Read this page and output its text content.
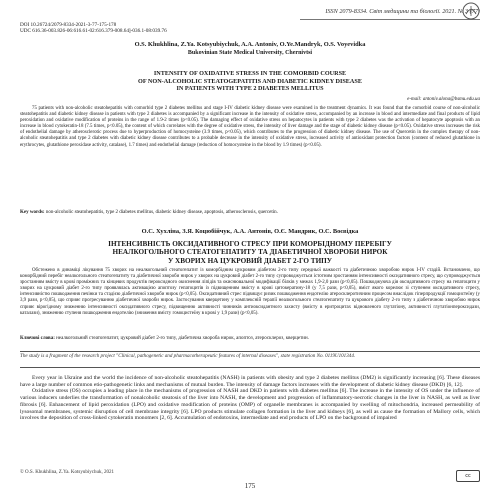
ISSN 2079-8334. Світ медицини та біології. 2021. № 3 (77)
DOI 10.26724/2079-8334-2021-3-77-175-178
UDC 616.36-003.826-06:616.61-02:616.379-008.64]-036.1-08:039.76
O.S. Khukhlina, Z.Ya. Kotsyubiychuk, A.A. Antoniv, O.Ye.Mandryk, O.S. Voyevidka
Bukovinian State Medical University, Chernivtsi
INTENSITY OF OXIDATIVE STRESS IN THE COMORBID COURSE
OF NON-ALCOHOLIC STEATOGEPATITIS AND DIABETIC KIDNEY DISEASE
IN PATIENTS WITH TYPE 2 DIABETES MELLITUS
e-mail: antoniv.alona@bsmu.edu.ua

75 patients with non-alcoholic steatohepatitis with comorbid type 2 diabetes mellitus and stage I-IV diabetic kidney disease were examined in the treatment dynamics. It was found that the comorbid course of non-alcoholic steatohepatitis and diabetic kidney disease in patients with type 2 diabetes is accompanied by a significant increase in the intensity of oxidative stress, accompanied by an increase in blood and intermediate and final products of lipid peroxidation and oxidative modification of proteins in the range of 1.9-2 times (p<0.05). The damaging effect of oxidative stress on hepatocytes in patients with type 2 diabetes was the activation of hepatocyte apoptosis with an increase in blood cytokeratin-18 (7.5 times, p<0.05), the content of which correlates with the degree of oxidative stress, the intensity of liver damage and the stage of diabetic kidney disease (p<0.05). Oxidative stress increases the risk of endothelial damage by atherosclerotic process due to hyperproduction of homocysteine (3.9 times, p<0.05), which contributes to the progression of diabetic kidney disease. The use of Quercetin in the complex therapy of non-alcoholic steatohepatitis and type 2 diabetes with diabetic kidney disease contributes to a probable decrease in the intensity of oxidative stress, increased activity of antioxidant protection factors (content of reduced glutathione in erythrocytes, glutathione peroxidase activity, catalase), 1.7 times) and endothelial damage (reduction of homocysteine in the blood by 1.9 times) (p<0.05).

Key words: non-alcoholic steatohepatitis, type 2 diabetes mellitus, diabetic kidney disease, apoptosis, atherosclerosis, quercetin.
О.С. Хухліна, З.Я. Коцюбійчук, А.А. Антонів, О.Є. Мандрик, О.С. Воєвідка
ІНТЕНСИВНІСТЬ ОКСИДАТИВНОГО СТРЕСУ ПРИ КОМОРБІДНОМУ ПЕРЕБІГУ
НЕАЛКОГОЛЬНОГО СТЕАТОГЕПАТИТУ ТА ДІАБЕТИЧНОЇ ХВОРОБИ НИРОК
У ХВОРИХ НА ЦУКРОВИЙ ДІАБЕТ 2-ГО ТИПУ

Обстежено в динаміці лікування 75 хворих на неалкогольний стеатогепатит із коморбідним цукровим діабетом 2-го типу середньої важкості та діабетичною хворобою нирок I-IV стадій. Встановлено, що коморбідний перебіг неалкогольного стеатогепатиту та діабетичної хвороби нирок у хворих на цукровий діабет 2-го типу супроводжується істотним зростанням інтенсивності оксидативного стресу, що супроводжується зростанням вмісту в крові проміжних та кінцевих продуктів пероксидного окиснення ліпідів та окиснювальної модифікації білків у межах 1,9-2,0 рази (р<0,05). Пошкоджуюча дія оксидативного стресу на гепатоцити у хворих на цукровий діабет 2-го типу проявлялась активацією апоптозу гепатоцитів із підвищенням вмісту в крові цитокератину-18 (у 7,5 рази, р<0,05), вміст якого корелює зі ступенем оксидативного стресу, інтенсивністю пошкодження печінки та стадією діабетичної хвороби нирок (р<0,05). Оксидативний стрес підвищує ризик пошкодження ендотелію атеросклеротичним процесом внаслідок гіперпродукції гомоцистеїну (у 3,9 рази, р<0,05), що сприяє прогресуванню діабетичної хвороби нирок. Застосування кверцетину у комплексній терапії неалкогольного стеатогепатиту та цукрового діабету 2-го типу з діабетичною хворобою нирок сприяє вірогідному зниженню інтенсивності оксидативного стресу, підвищенню активності чинників антиоксидантного захисту (вмісту в еритроцитах відновленого глутатіону, активності глутатіонпероксидази, каталази), зниженню ступеня пошкодження ендотелію (зниження вмісту гомоцистеїну в крові у 1,9 рази) (р<0,05).

Ключові слова: неалкогольний стеатогепатит, цукровий діабет 2-го типу, діабетична хвороба нирок, апоптоз, атеросклероз, кверцетин.
The study is a fragment of the research project "Clinical, pathogenetic and pharmacotherapeutic features of internal diseases", state registration No. 0119U101344.

Every year in Ukraine and the world the incidence of non-alcoholic steatohepatitis (NASH) in patients with obesity and type 2 diabetes mellitus (DM2) is significantly increasing [6]. These diseases have a large number of common etio-pathogenetic links and mechanisms of mutual burden. The intensity of damage factors increases with the development of diabetic kidney disease (DKD) [6, 12].

Oxidative stress (OS) occupies a leading place in the mechanisms of progression of NASH and DKD in patients with diabetes mellitus [6]. The increase in the intensity of OS under the influence of various inducers underlies the transformation of nonalcoholic steatosis of the liver into NASH, the development and progression of inflammatory-necrotic changes in the liver in NASH, as well as liver fibrosis [6]. Enhancement of lipid peroxidation (LPO) and oxidative modification of proteins (OMP) of organelle membranes is accompanied by swelling of mitochondria, increased permeability of lysosomal membranes, systemic disruption of cell membrane integrity [6]. LPO products stimulate collagen formation in the liver and kidneys [6], as well as cause the formation of Mallory cells, which involves the deposition of cross-linked cytokeratin monomers [2, 6]. Accumulation of endotoxins, intermediate and end products of LPO on the background of impaired

© O.S. Khukhlina, Z.Ya. Kotsyubiychuk, 2021
175
cc
